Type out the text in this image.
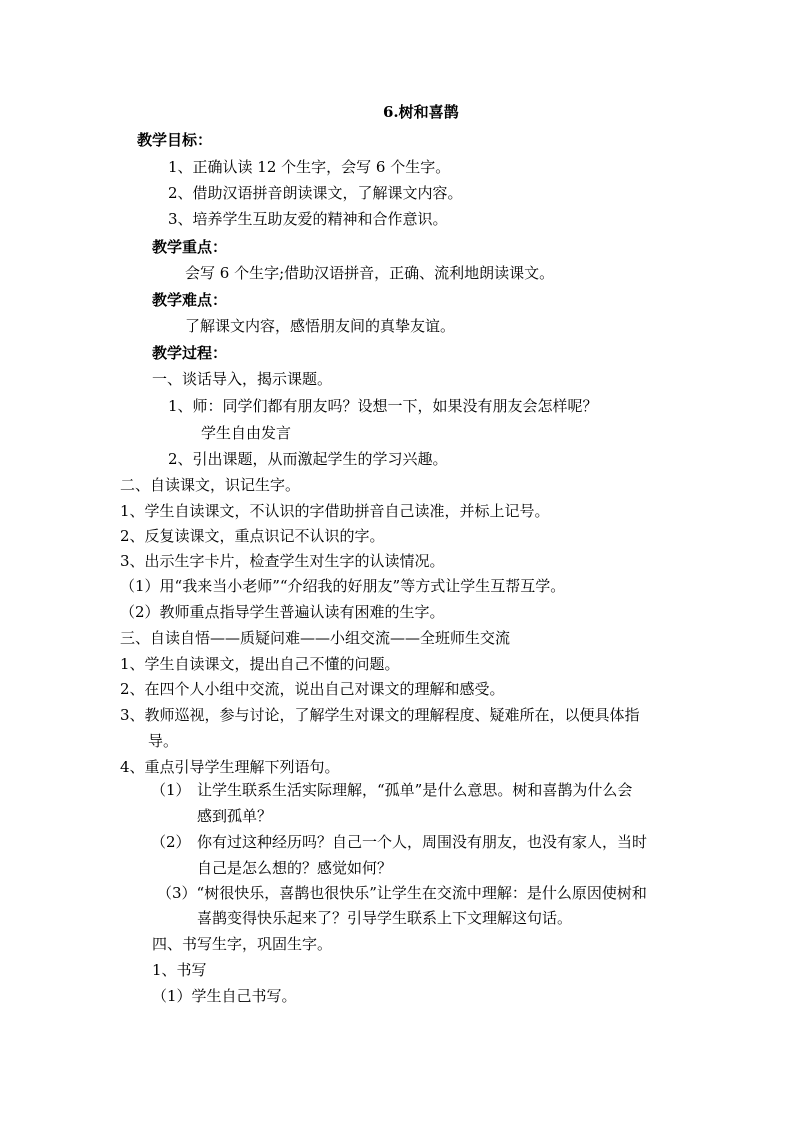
6.树和喜鹊

教学目标：

1、正确认读 12 个生字，会写 6 个生字。

2、借助汉语拼音朗读课文，了解课文内容。

3、培养学生互助友爱的精神和合作意识。

教学重点：

会写 6 个生字;借助汉语拼音，正确、流利地朗读课文。

教学难点：

了解课文内容，感悟朋友间的真挚友谊。

教学过程：

一、谈话导入，揭示课题。

1、师：同学们都有朋友吗？设想一下，如果没有朋友会怎样呢？

学生自由发言

2、引出课题，从而激起学生的学习兴趣。

二、自读课文，识记生字。

1、学生自读课文，不认识的字借助拼音自己读准，并标上记号。

2、反复读课文，重点识记不认识的字。

3、出示生字卡片，检查学生对生字的认读情况。

（1）用“我来当小老师”“介绍我的好朋友”等方式让学生互帮互学。

（2）教师重点指导学生普遍认读有困难的生字。

三、自读自悟——质疑问难——小组交流——全班师生交流

1、学生自读课文，提出自己不懂的问题。

2、在四个人小组中交流，说出自己对课文的理解和感受。

3、教师巡视，参与讨论，了解学生对课文的理解程度、疑难所在，以便具体指

导。

4、重点引导学生理解下列语句。

（1） 让学生联系生活实际理解，“孤单”是什么意思。树和喜鹊为什么会

感到孤单？

（2） 你有过这种经历吗？自己一个人，周围没有朋友，也没有家人，当时

自己是怎么想的？感觉如何？

（3）“树很快乐，喜鹊也很快乐”让学生在交流中理解：是什么原因使树和

喜鹊变得快乐起来了？引导学生联系上下文理解这句话。

四、书写生字，巩固生字。

1、书写

（1）学生自己书写。
